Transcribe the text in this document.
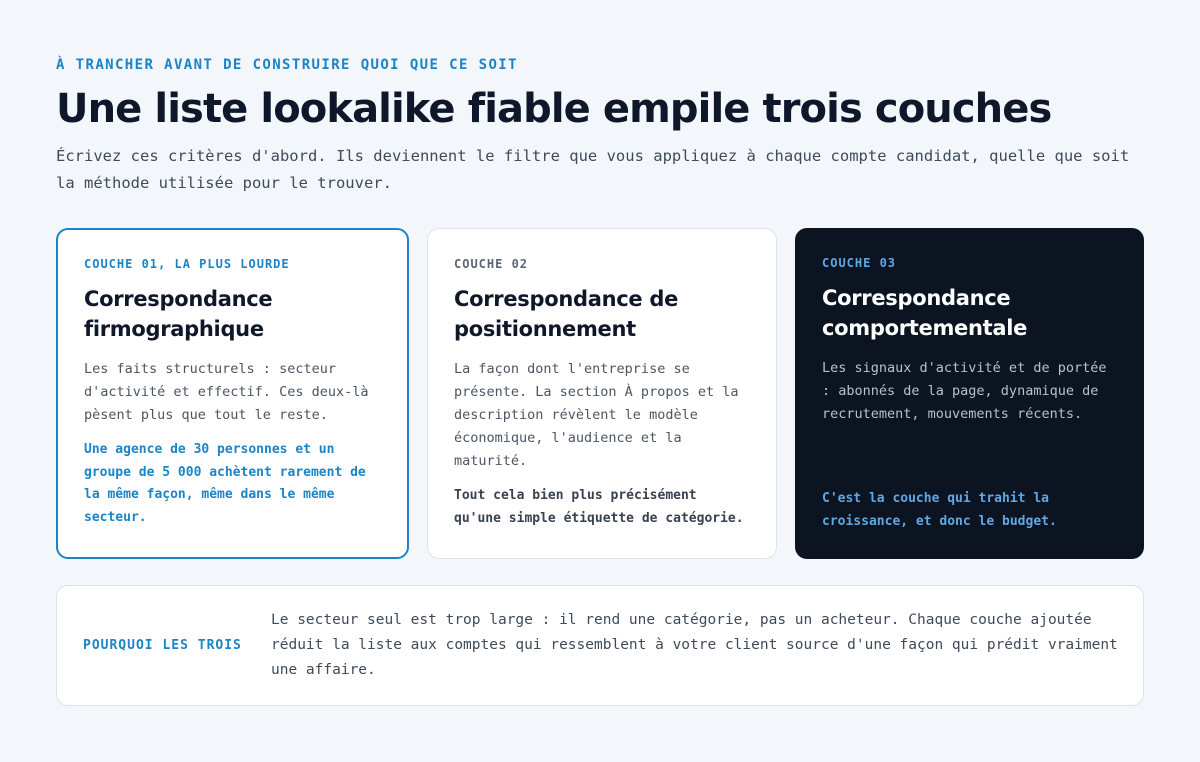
À TRANCHER AVANT DE CONSTRUIRE QUOI QUE CE SOIT
Une liste lookalike fiable empile trois couches
Écrivez ces critères d'abord. Ils deviennent le filtre que vous appliquez à chaque compte candidat, quelle que soit la méthode utilisée pour le trouver.
COUCHE 01, LA PLUS LOURDE
Correspondance firmographique
Les faits structurels : secteur d'activité et effectif. Ces deux-là pèsent plus que tout le reste.
Une agence de 30 personnes et un groupe de 5 000 achètent rarement de la même façon, même dans le même secteur.
COUCHE 02
Correspondance de positionnement
La façon dont l'entreprise se présente. La section À propos et la description révèlent le modèle économique, l'audience et la maturité.
Tout cela bien plus précisément qu'une simple étiquette de catégorie.
COUCHE 03
Correspondance comportementale
Les signaux d'activité et de portée : abonnés de la page, dynamique de recrutement, mouvements récents.
C'est la couche qui trahit la croissance, et donc le budget.
POURQUOI LES TROIS
Le secteur seul est trop large : il rend une catégorie, pas un acheteur. Chaque couche ajoutée réduit la liste aux comptes qui ressemblent à votre client source d'une façon qui prédit vraiment une affaire.
